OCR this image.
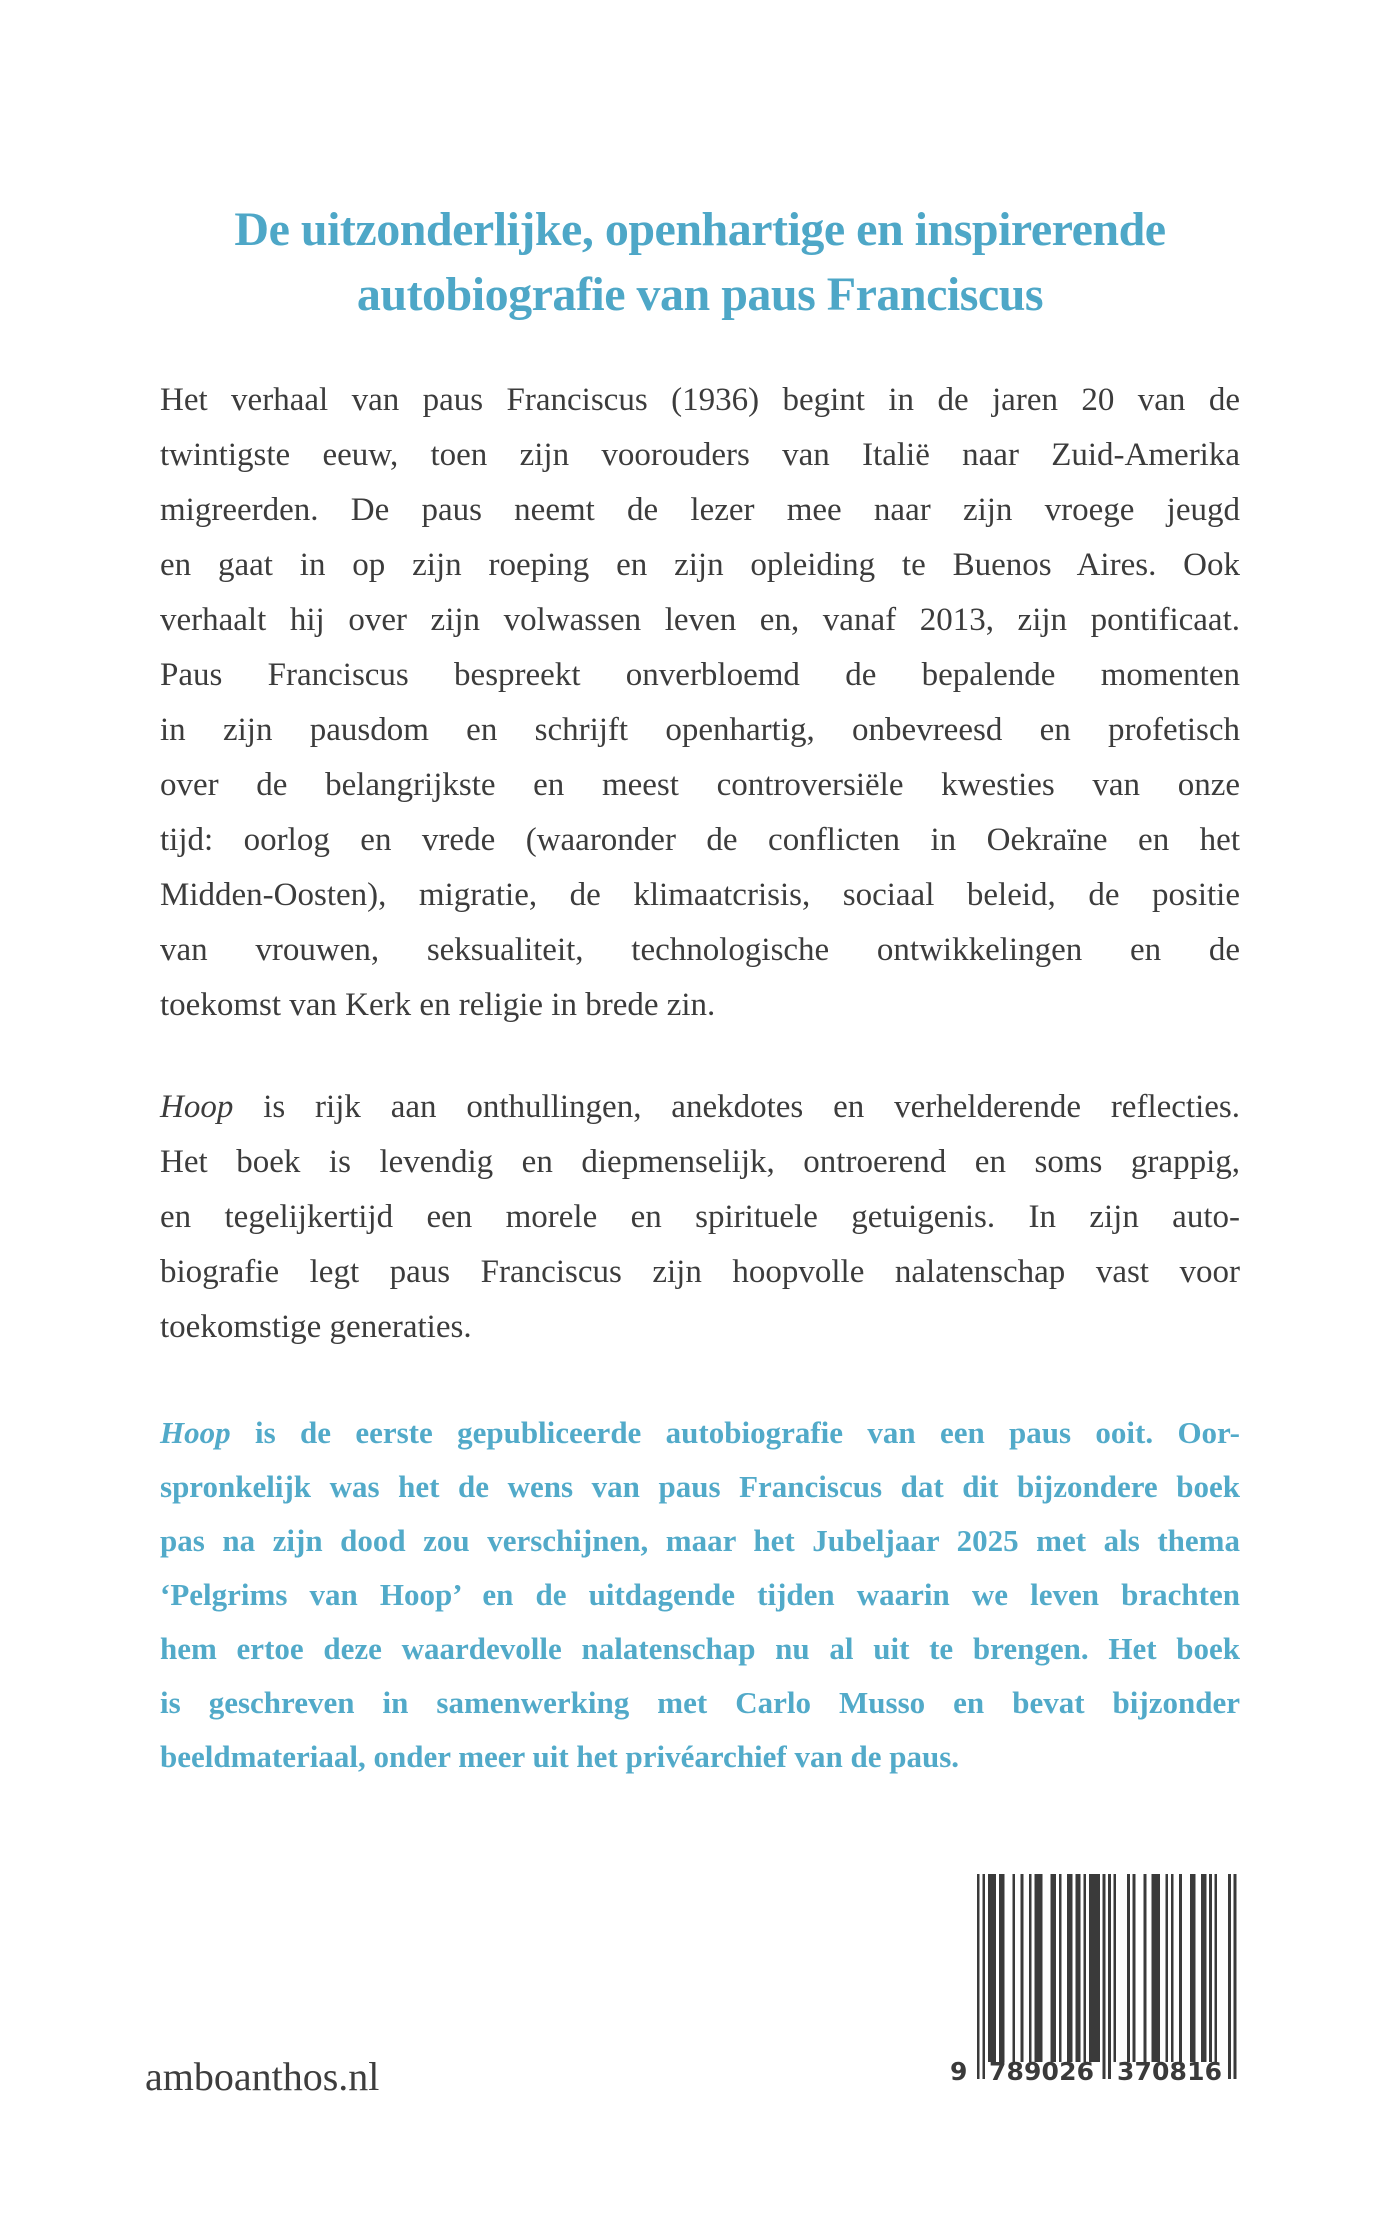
De uitzonderlijke, openhartige en inspirerende
autobiografie van paus Franciscus
Het verhaal van paus Franciscus (1936) begint in de jaren 20 van de
twintigste eeuw, toen zijn voorouders van Italië naar Zuid-Amerika
migreerden. De paus neemt de lezer mee naar zijn vroege jeugd
en gaat in op zijn roeping en zijn opleiding te Buenos Aires. Ook
verhaalt hij over zijn volwassen leven en, vanaf 2013, zijn pontificaat.
Paus Franciscus bespreekt onverbloemd de bepalende momenten
in zijn pausdom en schrijft openhartig, onbevreesd en profetisch
over de belangrijkste en meest controversiële kwesties van onze
tijd: oorlog en vrede (waaronder de conflicten in Oekraïne en het
Midden-Oosten), migratie, de klimaatcrisis, sociaal beleid, de positie
van vrouwen, seksualiteit, technologische ontwikkelingen en de
toekomst van Kerk en religie in brede zin.
Hoop is rijk aan onthullingen, anekdotes en verhelderende reflecties.
Het boek is levendig en diepmenselijk, ontroerend en soms grappig,
en tegelijkertijd een morele en spirituele getuigenis. In zijn auto-
biografie legt paus Franciscus zijn hoopvolle nalatenschap vast voor
toekomstige generaties.
Hoop is de eerste gepubliceerde autobiografie van een paus ooit. Oor-
spronkelijk was het de wens van paus Franciscus dat dit bijzondere boek
pas na zijn dood zou verschijnen, maar het Jubeljaar 2025 met als thema
‘Pelgrims van Hoop’ en de uitdagende tijden waarin we leven brachten
hem ertoe deze waardevolle nalatenschap nu al uit te brengen. Het boek
is geschreven in samenwerking met Carlo Musso en bevat bijzonder
beeldmateriaal, onder meer uit het privéarchief van de paus.
amboanthos.nl	9 789026 370816
